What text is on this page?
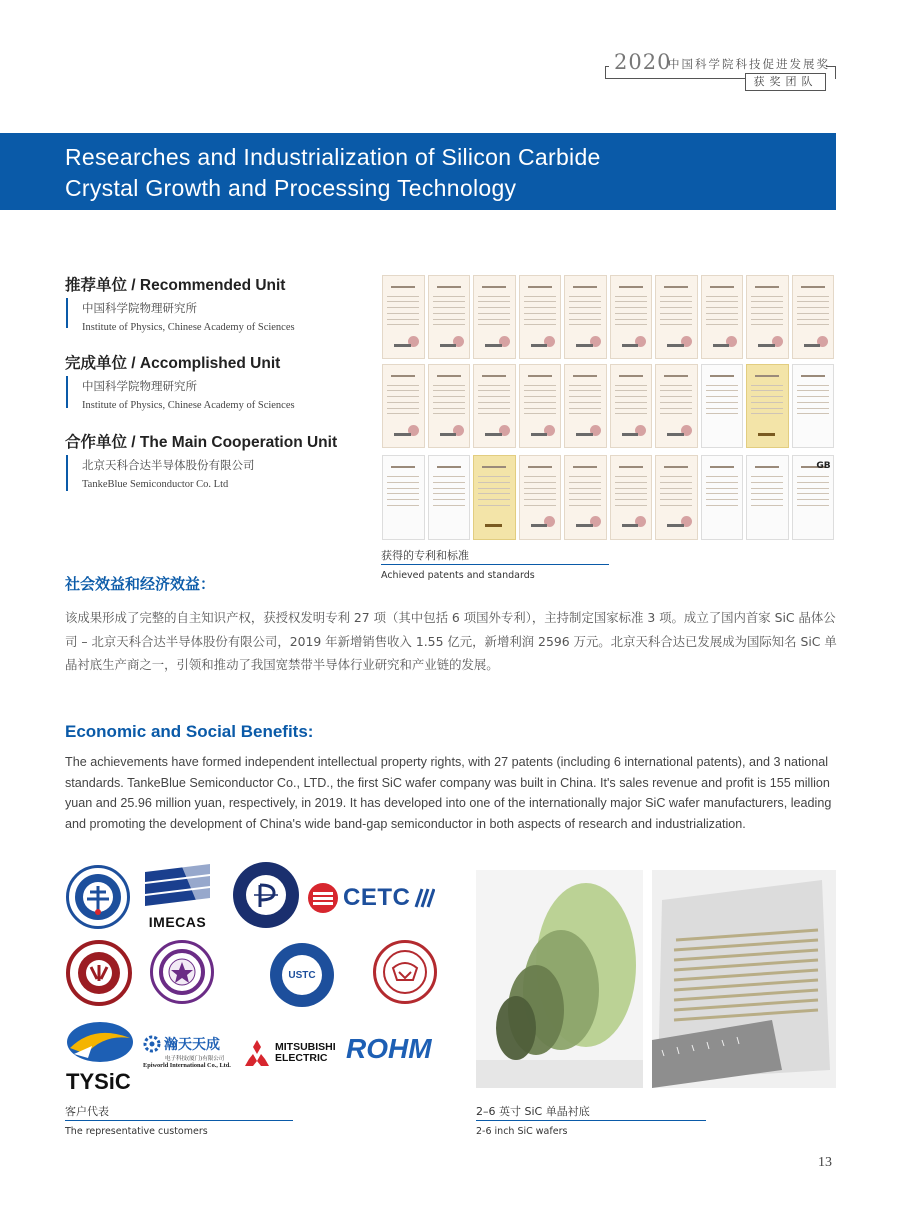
2020
中国科学院科技促进发展奖
获奖团队
Researches and Industrialization of Silicon Carbide
Crystal Growth and Processing Technology
推荐单位 / Recommended Unit
中国科学院物理研究所
Institute of Physics, Chinese Academy of Sciences
完成单位 / Accomplished Unit
中国科学院物理研究所
Institute of Physics, Chinese Academy of Sciences
合作单位 / The Main Cooperation Unit
北京天科合达半导体股份有限公司
TankeBlue Semiconductor Co. Ltd
GB
获得的专利和标准
Achieved patents and standards
社会效益和经济效益：
该成果形成了完整的自主知识产权，获授权发明专利 27 项（其中包括 6 项国外专利），主持制定国家标准 3 项。成立了国内首家 SiC 晶体公司 – 北京天科合达半导体股份有限公司，2019 年新增销售收入 1.55 亿元，新增利润 2596 万元。北京天科合达已发展成为国际知名 SiC 单晶衬底生产商之一，引领和推动了我国宽禁带半导体行业研究和产业链的发展。
Economic and Social Benefits:
The achievements have formed independent intellectual property rights, with 27 patents (including 6 international patents), and 3 national standards. TankeBlue Semiconductor Co., LTD., the first SiC wafer company was built in China. It's sales revenue and profit is 155 million yuan and 25.96 million yuan, respectively, in 2019. It has developed into one of the internationally major SiC wafer manufacturers, leading and promoting the development of China's wide band-gap semiconductor in both aspects of research and industrialization.
IMECAS
CETC
USTC
TYSiC
瀚天天成
电子科技(厦门)有限公司
Epiworld International Co., Ltd.
MITSUBISHI
ELECTRIC ROHM
客户代表
The representative customers
2–6 英寸 SiC 单晶衬底
2-6 inch SiC wafers
13
